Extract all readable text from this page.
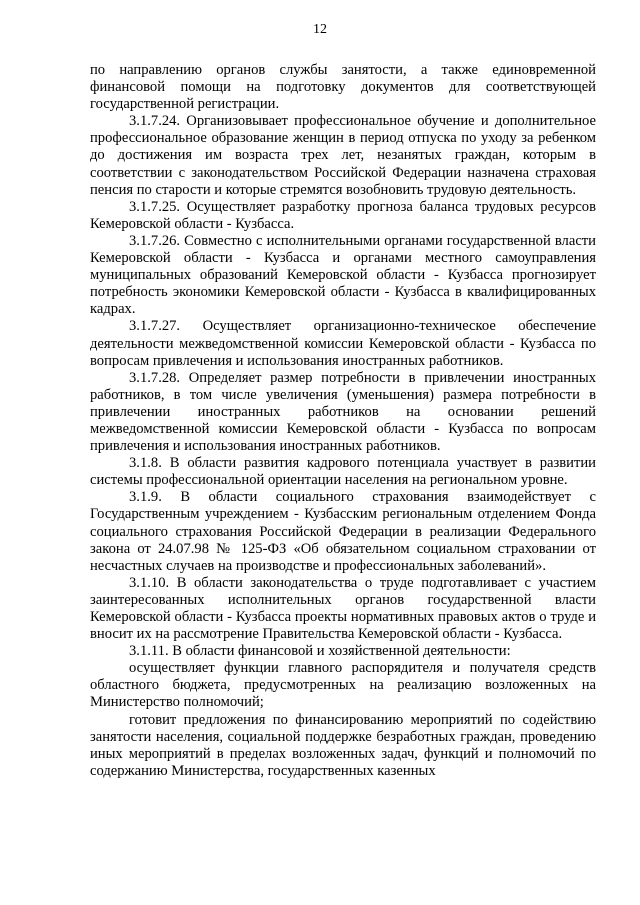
12

по направлению органов службы занятости, а также единовременной финансовой помощи на подготовку документов для соответствующей государственной регистрации.

3.1.7.24. Организовывает профессиональное обучение и дополнительное профессиональное образование женщин в период отпуска по уходу за ребенком до достижения им возраста трех лет, незанятых граждан, которым в соответствии с законодательством Российской Федерации назначена страховая пенсия по старости и которые стремятся возобновить трудовую деятельность.

3.1.7.25. Осуществляет разработку прогноза баланса трудовых ресурсов Кемеровской области - Кузбасса.

3.1.7.26. Совместно с исполнительными органами государственной власти Кемеровской области - Кузбасса и органами местного самоуправления муниципальных образований Кемеровской области - Кузбасса прогнозирует потребность экономики Кемеровской области - Кузбасса в квалифицированных кадрах.

3.1.7.27. Осуществляет организационно-техническое обеспечение деятельности межведомственной комиссии Кемеровской области - Кузбасса по вопросам привлечения и использования иностранных работников.

3.1.7.28. Определяет размер потребности в привлечении иностранных работников, в том числе увеличения (уменьшения) размера потребности в привлечении иностранных работников на основании решений межведомственной комиссии Кемеровской области - Кузбасса по вопросам привлечения и использования иностранных работников.

3.1.8. В области развития кадрового потенциала участвует в развитии системы профессиональной ориентации населения на региональном уровне.

3.1.9. В области социального страхования взаимодействует с Государственным учреждением - Кузбасским региональным отделением Фонда социального страхования Российской Федерации в реализации Федерального закона от 24.07.98 № 125-ФЗ «Об обязательном социальном страховании от несчастных случаев на производстве и профессиональных заболеваний».

3.1.10. В области законодательства о труде подготавливает с участием заинтересованных исполнительных органов государственной власти Кемеровской области - Кузбасса проекты нормативных правовых актов о труде и вносит их на рассмотрение Правительства Кемеровской области - Кузбасса.

3.1.11. В области финансовой и хозяйственной деятельности:

осуществляет функции главного распорядителя и получателя средств областного бюджета, предусмотренных на реализацию возложенных на Министерство полномочий;

готовит предложения по финансированию мероприятий по содействию занятости населения, социальной поддержке безработных граждан, проведению иных мероприятий в пределах возложенных задач, функций и полномочий по содержанию Министерства, государственных казенных
